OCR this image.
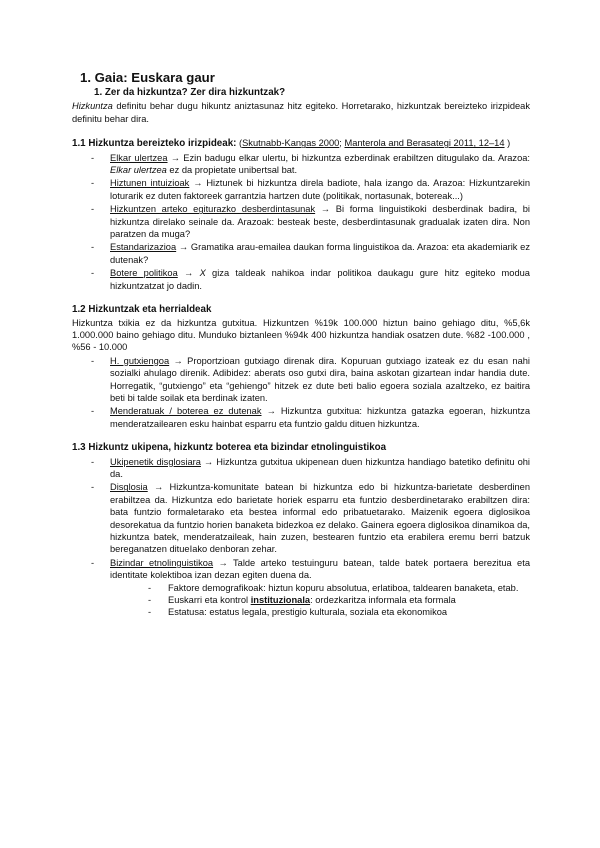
1. Gaia: Euskara gaur
1. Zer da hizkuntza? Zer dira hizkuntzak?

Hizkuntza definitu behar dugu hikuntz aniztasunaz hitz egiteko. Horretarako, hizkuntzak bereizteko irizpideak definitu behar dira.

1.1 Hizkuntza bereizteko irizpideak: (Skutnabb-Kangas 2000; Manterola and Berasategi 2011, 12–14 )

- Elkar ulertzea → Ezin badugu elkar ulertu, bi hizkuntza ezberdinak erabiltzen ditugulako da. Arazoa: Elkar ulertzea ez da propietate unibertsal bat.
- Hiztunen intuizioak → Hiztunek bi hizkuntza direla badiote, hala izango da. Arazoa: Hizkuntzarekin loturarik ez duten faktoreek garrantzia hartzen dute (politikak, nortasunak, botereak...)
- Hizkuntzen arteko egiturazko desberdintasunak → Bi forma linguistikoki desberdinak badira, bi hizkuntza direlako seinale da. Arazoak: besteak beste, desberdintasunak gradualak izaten dira. Non paratzen da muga?
- Estandarizazioa → Gramatika arau-emailea daukan forma linguistikoa da. Arazoa: eta akademiarik ez dutenak?
- Botere politikoa → X giza taldeak nahikoa indar politikoa daukagu gure hitz egiteko modua hizkuntzatzat jo dadin.
1.2 Hizkuntzak eta herrialdeak

Hizkuntza txikia ez da hizkuntza gutxitua. Hizkuntzen %19k 100.000 hiztun baino gehiago ditu, %5,6k 1.000.000 baino gehiago ditu. Munduko biztanleen %94k 400 hizkuntza handiak osatzen dute. %82 -100.000 , %56 - 10.000

- H. gutxiengoa → Proportzioan gutxiago direnak dira. Kopuruan gutxiago izateak ez du esan nahi sozialki ahulago direnik. Adibidez: aberats oso gutxi dira, baina askotan gizartean indar handia dute. Horregatik, “gutxiengo” eta “gehiengo” hitzek ez dute beti balio egoera soziala azaltzeko, ez baitira beti bi talde soilak eta berdinak izaten.
- Menderatuak / boterea ez dutenak → Hizkuntza gutxitua: hizkuntza gatazka egoeran, hizkuntza menderatzailearen esku hainbat esparru eta funtzio galdu dituen hizkuntza.
1.3 Hizkuntz ukipena, hizkuntz boterea eta bizindar etnolinguistikoa
- Ukipenetik disglosiara → Hizkuntza gutxitua ukipenean duen hizkuntza handiago batetiko definitu ohi da.
- Disglosia → Hizkuntza-komunitate batean bi hizkuntza edo bi hizkuntza-barietate desberdinen erabiltzea da. Hizkuntza edo barietate horiek esparru eta funtzio desberdinetarako erabiltzen dira: bata funtzio formaletarako eta bestea informal edo pribatuetarako. Maizenik egoera diglosikoa desorekatua da funtzio horien banaketa bidezkoa ez delako. Gainera egoera diglosikoa dinamikoa da, hizkuntza batek, menderatzaileak, hain zuzen, bestearen funtzio eta erabilera eremu berri batzuk bereganatzen ditueIako denboran zehar.
- Bizindar etnolinguistikoa → Talde arteko testuinguru batean, talde batek portaera berezitua eta identitate kolektiboa izan dezan egiten duena da.
- Faktore demografikoak: hiztun kopuru absolutua, erlatiboa, taldearen banaketa, etab.
- Euskarri eta kontrol instituzionala: ordezkaritza informala eta formala
- Estatusa: estatus legala, prestigio kulturala, soziala eta ekonomikoa
